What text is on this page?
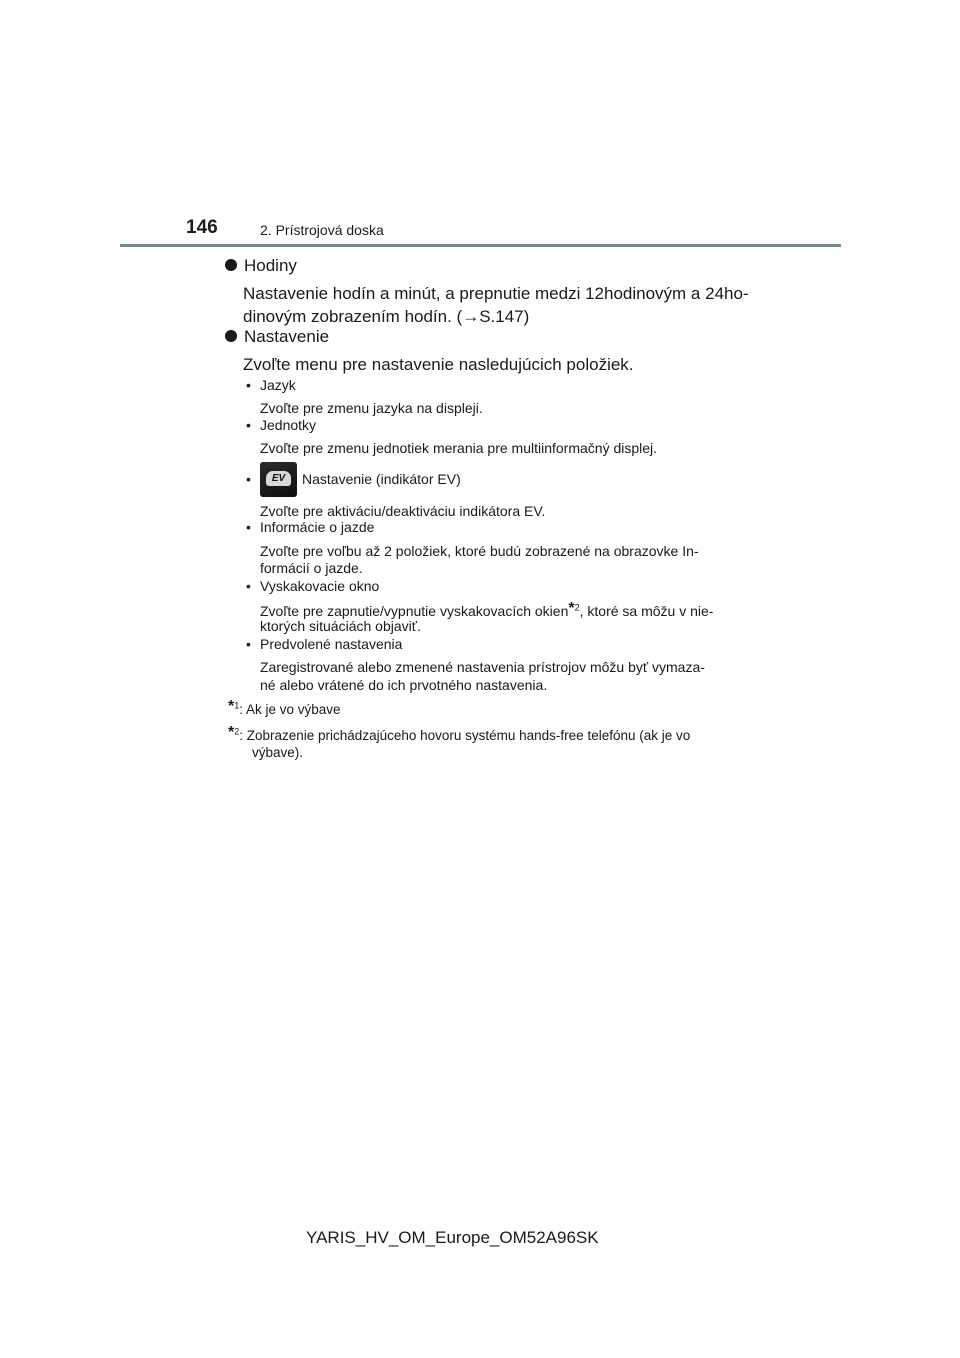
146	2. Prístrojová doska
Hodiny
Nastavenie hodín a minút, a prepnutie medzi 12hodinovým a 24ho-
dinovým zobrazením hodín. (→S.147)
Nastavenie
Zvoľte menu pre nastavenie nasledujúcich položiek.
• Jazyk
Zvoľte pre zmenu jazyka na displeji.
• Jednotky
Zvoľte pre zmenu jednotiek merania pre multiinformačný displej.
•	EV	Nastavenie (indikátor EV)
Zvoľte pre aktiváciu/deaktiváciu indikátora EV.
• Informácie o jazde
Zvoľte pre voľbu až 2 položiek, ktoré budú zobrazené na obrazovke In-
formácií o jazde.
• Vyskakovacie okno
Zvoľte pre zapnutie/vypnutie vyskakovacích okien*$^2$, ktoré sa môžu v nie-
ktorých situáciách objaviť.
• Predvolené nastavenia
Zaregistrované alebo zmenené nastavenia prístrojov môžu byť vymaza-
né alebo vrátené do ich prvotného nastavenia.
*$^1$: Ak je vo výbave
*$^2$: Zobrazenie prichádzajúceho hovoru systému hands-free telefónu (ak je vo
výbave).
YARIS_HV_OM_Europe_OM52A96SK
